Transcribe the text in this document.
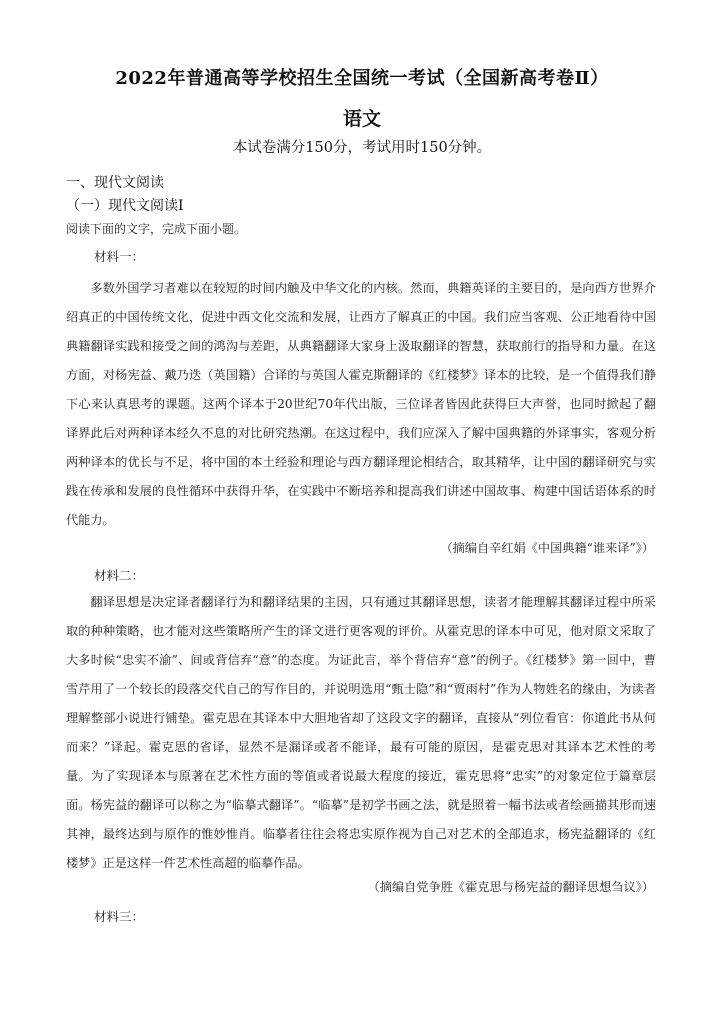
2022年普通高等学校招生全国统一考试（全国新高考卷Ⅱ）
语文
本试卷满分150分，考试用时150分钟。
一、现代文阅读
（一）现代文阅读Ⅰ
阅读下面的文字，完成下面小题。
材料一：

多数外国学习者难以在较短的时间内触及中华文化的内核。然而，典籍英译的主要目的，是向西方世界介绍真正的中国传统文化，促进中西文化交流和发展，让西方了解真正的中国。我们应当客观、公正地看待中国典籍翻译实践和接受之间的鸿沟与差距，从典籍翻译大家身上汲取翻译的智慧，获取前行的指导和力量。在这方面，对杨宪益、戴乃迭（英国籍）合译的与英国人霍克斯翻译的《红楼梦》译本的比较，是一个值得我们静下心来认真思考的课题。这两个译本于20世纪70年代出版，三位译者皆因此获得巨大声誉，也同时掀起了翻译界此后对两种译本经久不息的对比研究热潮。在这过程中，我们应深入了解中国典籍的外译事实，客观分析两种译本的优长与不足，将中国的本土经验和理论与西方翻译理论相结合，取其精华，让中国的翻译研究与实践在传承和发展的良性循环中获得升华，在实践中不断培养和提高我们讲述中国故事、构建中国话语体系的时代能力。

（摘编自辛红娟《中国典籍“谁来译”》）
材料二：

翻译思想是决定译者翻译行为和翻译结果的主因，只有通过其翻译思想，读者才能理解其翻译过程中所采取的种种策略，也才能对这些策略所产生的译文进行更客观的评价。从霍克思的译本中可见，他对原文采取了大多时候“忠实不渝”、间或背信弃“意”的态度。为证此言，举个背信弃“意”的例子。《红楼梦》第一回中，曹雪芹用了一个较长的段落交代自己的写作目的，并说明选用“甄士隐”和“贾雨村”作为人物姓名的缘由，为读者理解整部小说进行铺垫。霍克思在其译本中大胆地省却了这段文字的翻译，直接从“列位看官：你道此书从何而来？”译起。霍克思的省译，显然不是漏译或者不能译，最有可能的原因，是霍克思对其译本艺术性的考量。为了实现译本与原著在艺术性方面的等值或者说最大程度的接近，霍克思将“忠实”的对象定位于篇章层面。杨宪益的翻译可以称之为“临摹式翻译”。“临摹”是初学书画之法，就是照着一幅书法或者绘画描其形而速其神，最终达到与原作的惟妙惟肖。临摹者往往会将忠实原作视为自己对艺术的全部追求，杨宪益翻译的《红楼梦》正是这样一件艺术性高超的临摹作品。

（摘编自党争胜《霍克思与杨宪益的翻译思想刍议》）
材料三：
